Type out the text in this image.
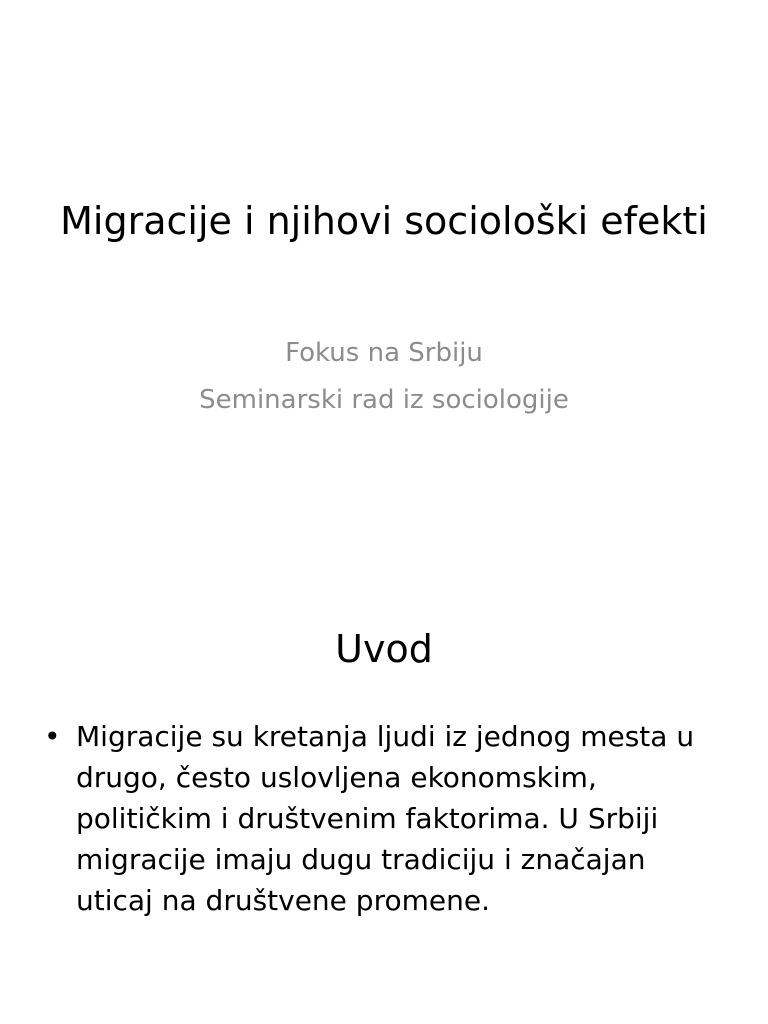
Migracije i njihovi sociološki efekti
Fokus na Srbiju
Seminarski rad iz sociologije
Uvod
• Migracije su kretanja ljudi iz jednog mesta u drugo, često uslovljena ekonomskim, političkim i društvenim faktorima. U Srbiji migracije imaju dugu tradiciju i značajan uticaj na društvene promene.
